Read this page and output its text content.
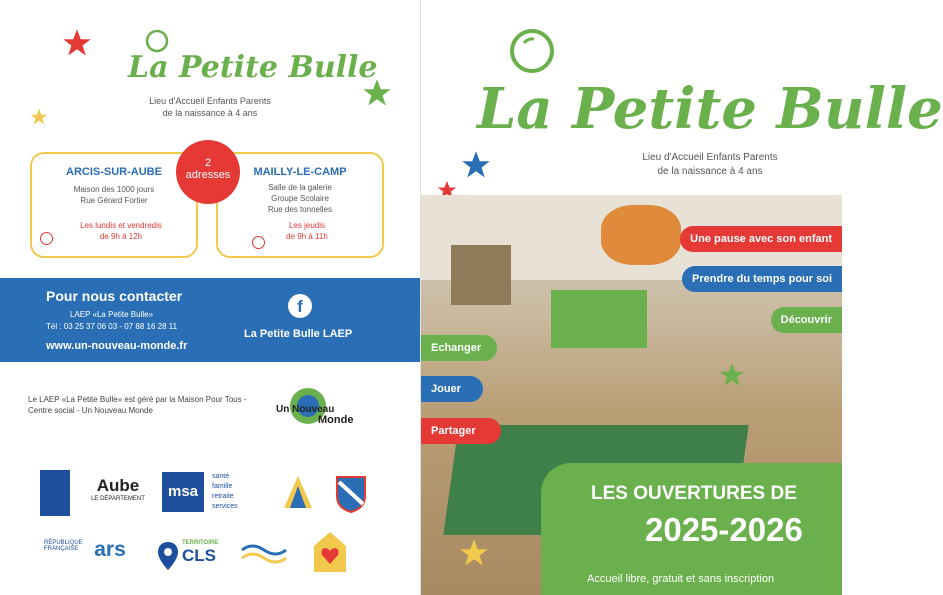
La Petite Bulle
Lieu d'Accueil Enfants Parents
de la naissance à 4 ans
ARCIS-SUR-AUBE
Maison des 1000 jours
Rue Gérard Fortier
Les lundis et vendredis
de 9h à 12h
MAILLY-LE-CAMP
Salle de la galerie
Groupe Scolaire
Rue des tonnelles
Les jeudis
de 9h à 11h
2
adresses
Pour nous contacter
LAEP «La Petite Bulle»
Tél : 03 25 37 06 03 - 07 88 16 28 11
www.un-nouveau-monde.fr
f
La Petite Bulle LAEP
Le LAEP «La Petite Bulle» est géré par la Maison Pour Tous - Centre social - Un Nouveau Monde	Un Nouveau
Monde
Aube
LE DÉPARTEMENT	msa
santé
famille
retraite
services
RÉPUBLIQUE FRANÇAISE ars	TERRITOIRE
CLS
La Petite Bulle
Lieu d'Accueil Enfants Parents
de la naissance à 4 ans
Une pause avec son enfant
Prendre du temps pour soi
Découvrir
Echanger
Jouer
Partager
LES OUVERTURES DE
2025-2026
Accueil libre, gratuit et sans inscription
